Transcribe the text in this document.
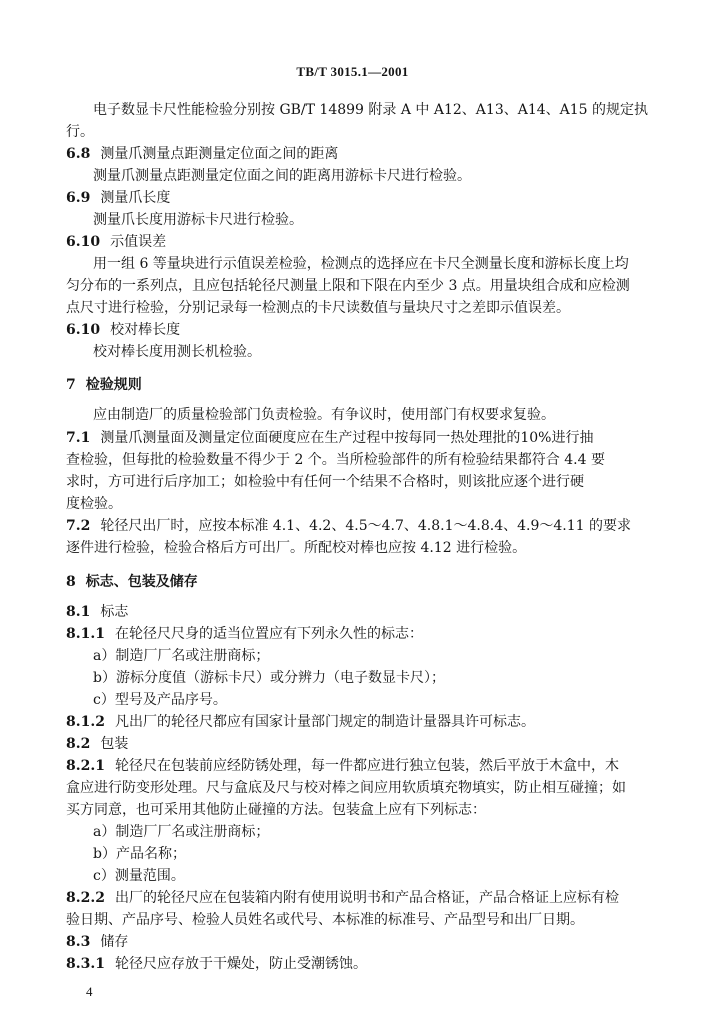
TB/T 3015.1—2001
电子数显卡尺性能检验分别按 GB/T 14899 附录 A 中 A12、A13、A14、A15 的规定执
行。
6.8 测量爪测量点距测量定位面之间的距离
测量爪测量点距测量定位面之间的距离用游标卡尺进行检验。
6.9 测量爪长度
测量爪长度用游标卡尺进行检验。
6.10 示值误差
用一组 6 等量块进行示值误差检验，检测点的选择应在卡尺全测量长度和游标长度上均
匀分布的一系列点，且应包括轮径尺测量上限和下限在内至少 3 点。用量块组合成和应检测
点尺寸进行检验，分别记录每一检测点的卡尺读数值与量块尺寸之差即示值误差。
6.10 校对棒长度
校对棒长度用测长机检验。
7 检验规则
应由制造厂的质量检验部门负责检验。有争议时，使用部门有权要求复验。
7.1 测量爪测量面及测量定位面硬度应在生产过程中按每同一热处理批的10%进行抽
查检验，但每批的检验数量不得少于 2 个。当所检验部件的所有检验结果都符合 4.4 要
求时，方可进行后序加工；如检验中有任何一个结果不合格时，则该批应逐个进行硬
度检验。
7.2 轮径尺出厂时，应按本标准 4.1、4.2、4.5～4.7、4.8.1～4.8.4、4.9～4.11 的要求
逐件进行检验，检验合格后方可出厂。所配校对棒也应按 4.12 进行检验。
8 标志、包装及储存
8.1 标志
8.1.1 在轮径尺尺身的适当位置应有下列永久性的标志：
a）制造厂厂名或注册商标；
b）游标分度值（游标卡尺）或分辨力（电子数显卡尺）；
c）型号及产品序号。
8.1.2 凡出厂的轮径尺都应有国家计量部门规定的制造计量器具许可标志。
8.2 包装
8.2.1 轮径尺在包装前应经防锈处理，每一件都应进行独立包装，然后平放于木盒中，木
盒应进行防变形处理。尺与盒底及尺与校对棒之间应用软质填充物填实，防止相互碰撞；如
买方同意，也可采用其他防止碰撞的方法。包装盒上应有下列标志：
a）制造厂厂名或注册商标；
b）产品名称；
c）测量范围。
8.2.2 出厂的轮径尺应在包装箱内附有使用说明书和产品合格证，产品合格证上应标有检
验日期、产品序号、检验人员姓名或代号、本标准的标准号、产品型号和出厂日期。
8.3 储存
8.3.1 轮径尺应存放于干燥处，防止受潮锈蚀。
4
